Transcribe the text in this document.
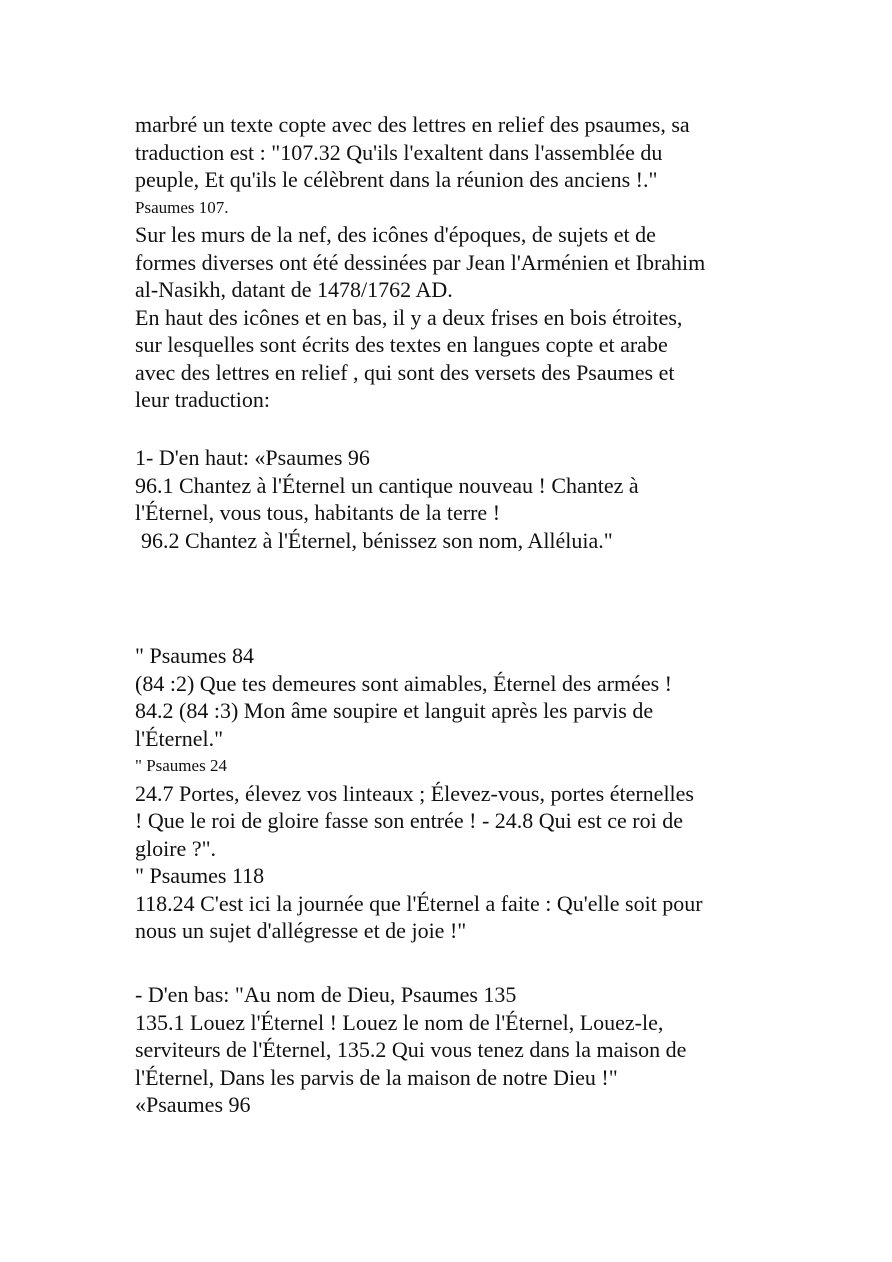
marbré un texte copte avec des lettres en relief des psaumes, sa
traduction est : "107.32 Qu'ils l'exaltent dans l'assemblée du
peuple, Et qu'ils le célèbrent dans la réunion des anciens !."
Psaumes 107.
Sur les murs de la nef, des icônes d'époques, de sujets et de
formes diverses ont été dessinées par Jean l'Arménien et Ibrahim
al-Nasikh, datant de 1478/1762 AD.
En haut des icônes et en bas, il y a deux frises en bois étroites,
sur lesquelles sont écrits des textes en langues copte et arabe
avec des lettres en relief , qui sont des versets des Psaumes et
leur traduction:
1- D'en haut: «Psaumes 96
96.1 Chantez à l'Éternel un cantique nouveau ! Chantez à
l'Éternel, vous tous, habitants de la terre !
96.2 Chantez à l'Éternel, bénissez son nom, Alléluia."
" Psaumes 84
(84 :2) Que tes demeures sont aimables, Éternel des armées !
84.2 (84 :3) Mon âme soupire et languit après les parvis de
l'Éternel."
" Psaumes 24
24.7 Portes, élevez vos linteaux ; Élevez-vous, portes éternelles
! Que le roi de gloire fasse son entrée ! - 24.8 Qui est ce roi de
gloire ?".
" Psaumes 118
118.24 C'est ici la journée que l'Éternel a faite : Qu'elle soit pour
nous un sujet d'allégresse et de joie !"
- D'en bas: "Au nom de Dieu, Psaumes 135
135.1 Louez l'Éternel ! Louez le nom de l'Éternel, Louez-le,
serviteurs de l'Éternel, 135.2 Qui vous tenez dans la maison de
l'Éternel, Dans les parvis de la maison de notre Dieu !"
«Psaumes 96
